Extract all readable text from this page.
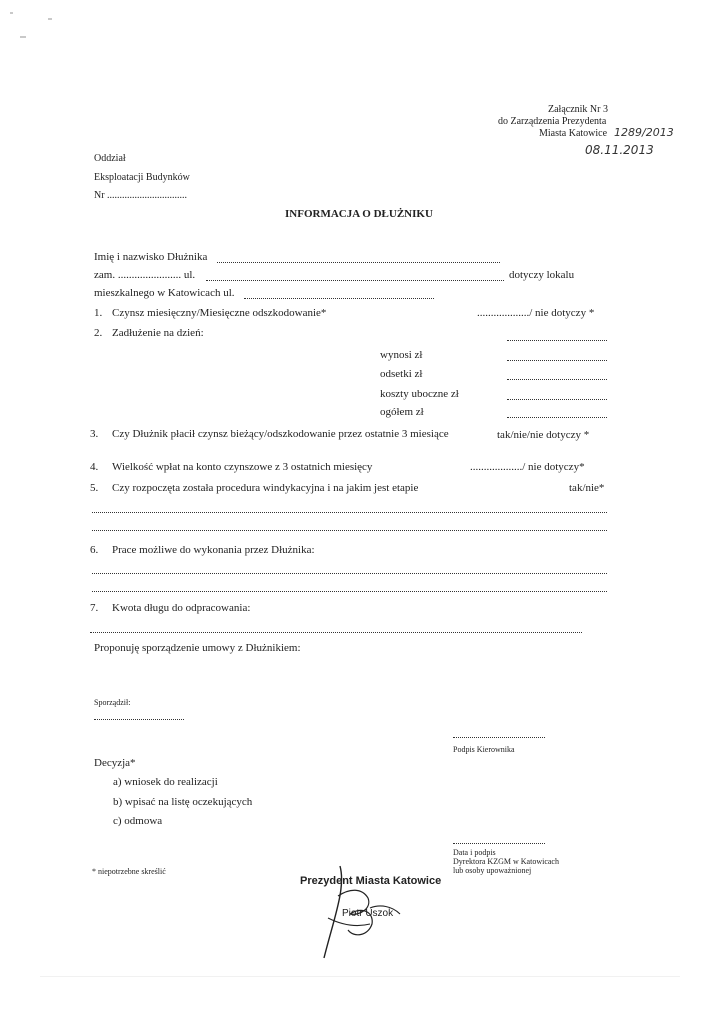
Załącznik Nr 3
do Zarządzenia Prezydenta
Miasta Katowice 1289/2013
08.11.2013
Oddział
Eksploatacji Budynków
Nr ................................
INFORMACJA O DŁUŻNIKU
Imię i nazwisko Dłużnika
zam. ....................... ul.	dotyczy lokalu
mieszkalnego w Katowicach ul.
1. Czynsz miesięczny/Miesięczne odszkodowanie*	.................../ nie dotyczy *
2. Zadłużenie na dzień:
wynosi zł
odsetki zł
koszty uboczne zł
ogółem zł
3. Czy Dłużnik płacił czynsz bieżący/odszkodowanie przez ostatnie 3 miesiące	tak/nie/nie dotyczy *
4. Wielkość wpłat na konto czynszowe z 3 ostatnich miesięcy	.................../ nie dotyczy*
5. Czy rozpoczęta została procedura windykacyjna i na jakim jest etapie	tak/nie*
6. Prace możliwe do wykonania przez Dłużnika:
7. Kwota długu do odpracowania:
Proponuję sporządzenie umowy z Dłużnikiem:
Sporządził:
Podpis Kierownika
Decyzja*
a) wniosek do realizacji
b) wpisać na listę oczekujących
c) odmowa
Data i podpis
Dyrektora KZGM w Katowicach
lub osoby upoważnionej
* niepotrzebne skreślić
Prezydent Miasta Katowice
Piotr Uszok
